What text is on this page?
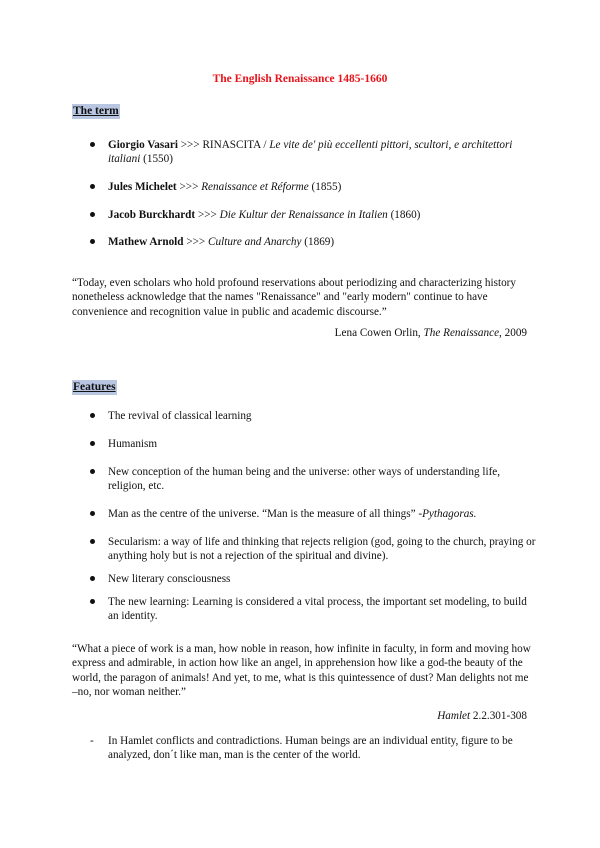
The English Renaissance 1485-1660
The term
Giorgio Vasari >>> RINASCITA / Le vite de' più eccellenti pittori, scultori, e architettori italiani (1550)
Jules Michelet >>> Renaissance et Réforme (1855)
Jacob Burckhardt >>> Die Kultur der Renaissance in Italien (1860)
Mathew Arnold >>> Culture and Anarchy (1869)
“Today, even scholars who hold profound reservations about periodizing and characterizing history nonetheless acknowledge that the names "Renaissance" and "early modern" continue to have convenience and recognition value in public and academic discourse.”
Lena Cowen Orlin, The Renaissance, 2009
Features
The revival of classical learning
Humanism
New conception of the human being and the universe: other ways of understanding life, religion, etc.
Man as the centre of the universe. “Man is the measure of all things” -Pythagoras.
Secularism: a way of life and thinking that rejects religion (god, going to the church, praying or anything holy but is not a rejection of the spiritual and divine).
New literary consciousness
The new learning: Learning is considered a vital process, the important set modeling, to build an identity.
“What a piece of work is a man, how noble in reason, how infinite in faculty, in form and moving how express and admirable, in action how like an angel, in apprehension how like a god-the beauty of the world, the paragon of animals! And yet, to me, what is this quintessence of dust? Man delights not me –no, nor woman neither.”
Hamlet 2.2.301-308
- In Hamlet conflicts and contradictions. Human beings are an individual entity, figure to be analyzed, don´t like man, man is the center of the world.
